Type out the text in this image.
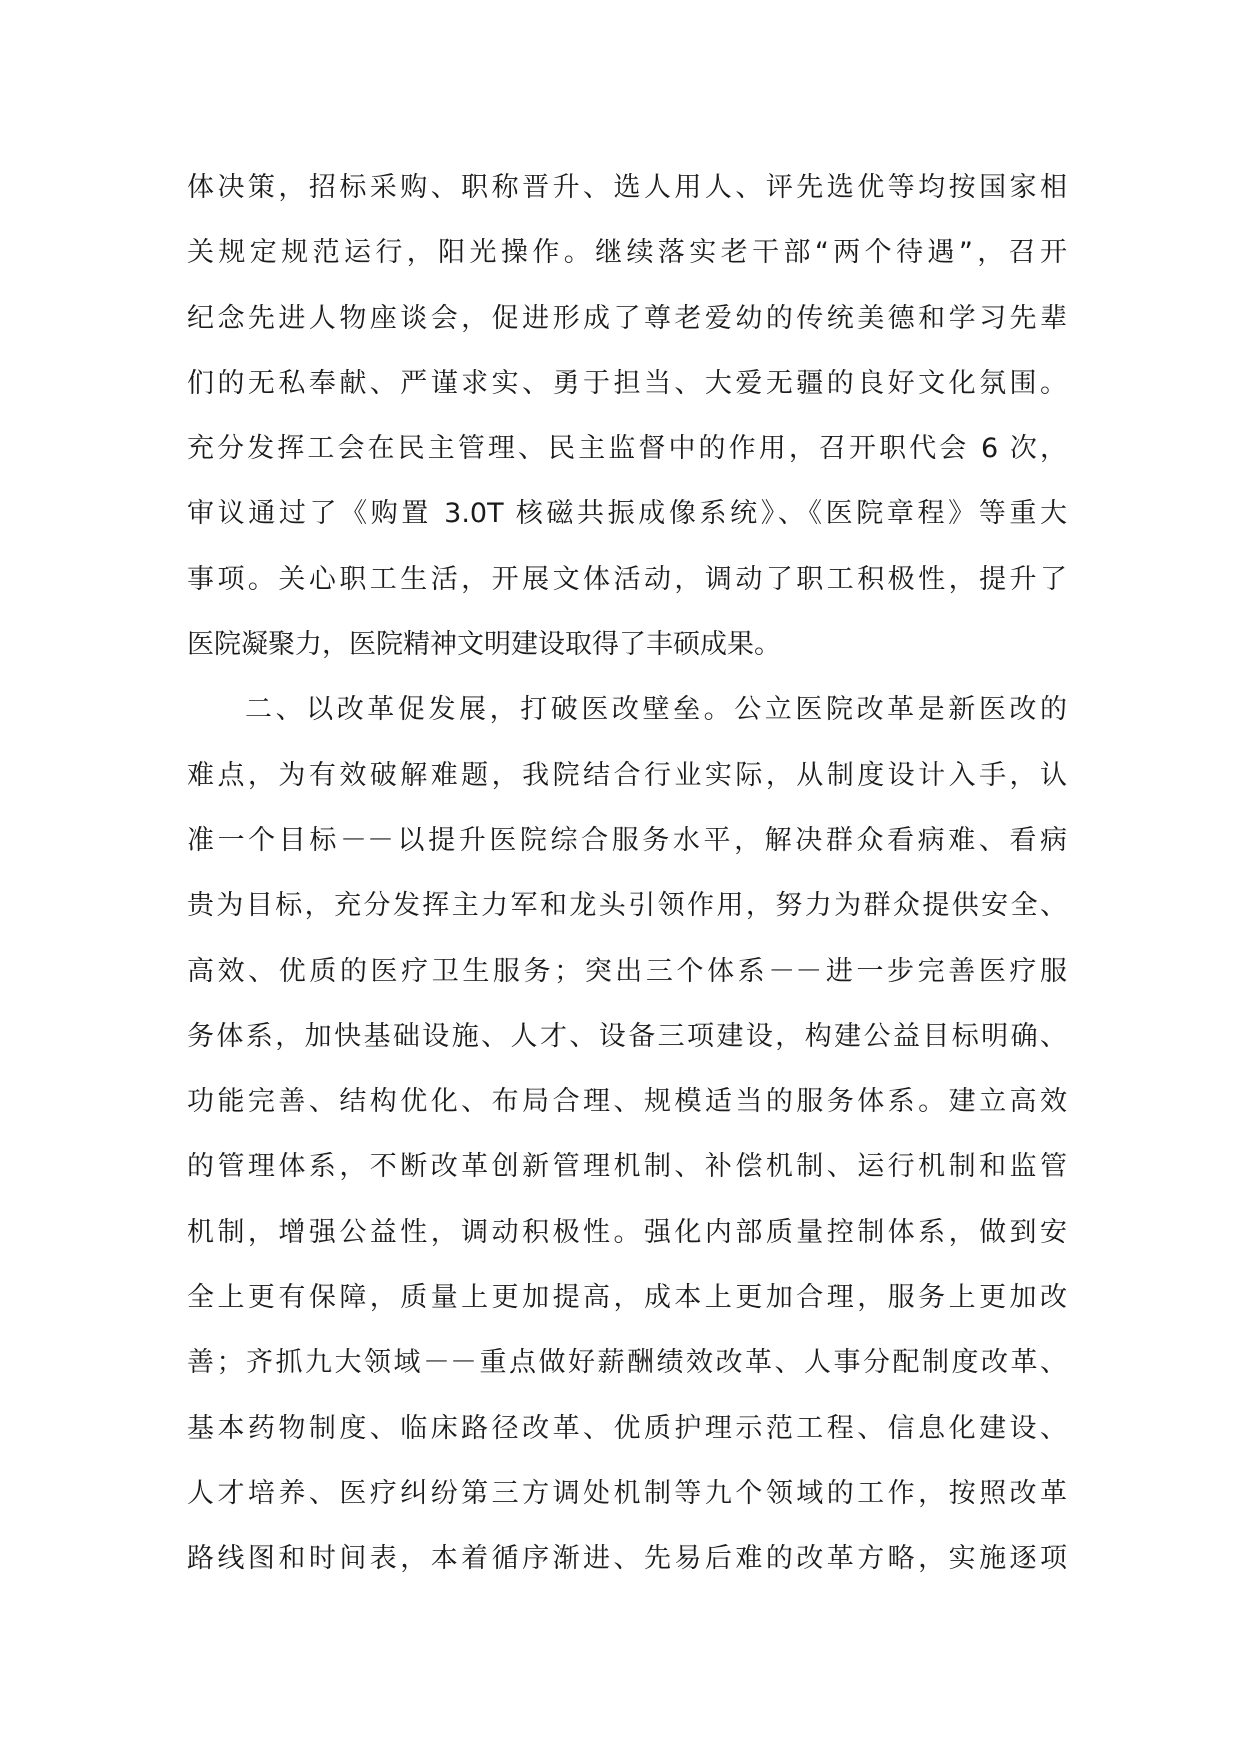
体决策，招标采购、职称晋升、选人用人、评先选优等均按国家相
关规定规范运行，阳光操作。继续落实老干部“两个待遇”，召开
纪念先进人物座谈会，促进形成了尊老爱幼的传统美德和学习先辈
们的无私奉献、严谨求实、勇于担当、大爱无疆的良好文化氛围。
充分发挥工会在民主管理、民主监督中的作用，召开职代会 6 次，
审议通过了《购置 3.0T 核磁共振成像系统》、《医院章程》等重大
事项。关心职工生活，开展文体活动，调动了职工积极性，提升了
医院凝聚力，医院精神文明建设取得了丰硕成果。
二、以改革促发展，打破医改壁垒。公立医院改革是新医改的
难点，为有效破解难题，我院结合行业实际，从制度设计入手，认
准一个目标－－以提升医院综合服务水平，解决群众看病难、看病
贵为目标，充分发挥主力军和龙头引领作用，努力为群众提供安全、
高效、优质的医疗卫生服务；突出三个体系－－进一步完善医疗服
务体系，加快基础设施、人才、设备三项建设，构建公益目标明确、
功能完善、结构优化、布局合理、规模适当的服务体系。建立高效
的管理体系，不断改革创新管理机制、补偿机制、运行机制和监管
机制，增强公益性，调动积极性。强化内部质量控制体系，做到安
全上更有保障，质量上更加提高，成本上更加合理，服务上更加改
善；齐抓九大领域－－重点做好薪酬绩效改革、人事分配制度改革、
基本药物制度、临床路径改革、优质护理示范工程、信息化建设、
人才培养、医疗纠纷第三方调处机制等九个领域的工作，按照改革
路线图和时间表，本着循序渐进、先易后难的改革方略，实施逐项
